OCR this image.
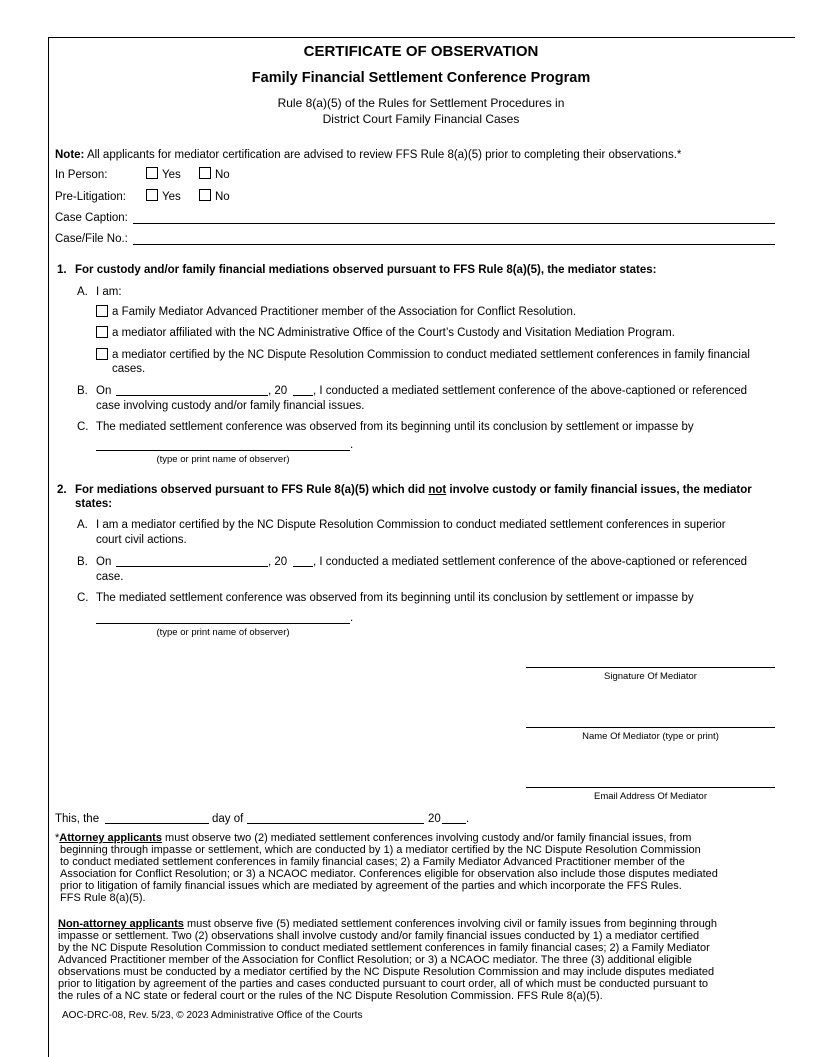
CERTIFICATE OF OBSERVATION
Family Financial Settlement Conference Program
Rule 8(a)(5) of the Rules for Settlement Procedures in
District Court Family Financial Cases
Note: All applicants for mediator certification are advised to review FFS Rule 8(a)(5) prior to completing their observations.*
In Person:	Yes	No
Pre-Litigation:	Yes	No
Case Caption:
Case/File No.:
1. For custody and/or family financial mediations observed pursuant to FFS Rule 8(a)(5), the mediator states:
A. I am:
a Family Mediator Advanced Practitioner member of the Association for Conflict Resolution.
a mediator affiliated with the NC Administrative Office of the Court’s Custody and Visitation Mediation Program.
a mediator certified by the NC Dispute Resolution Commission to conduct mediated settlement conferences in family financial
cases.
B. On	, 20 , I conducted a mediated settlement conference of the above-captioned or referenced
case involving custody and/or family financial issues.
C. The mediated settlement conference was observed from its beginning until its conclusion by settlement or impasse by
.
(type or print name of observer)
2. For mediations observed pursuant to FFS Rule 8(a)(5) which did not involve custody or family financial issues, the mediator
states:
A. I am a mediator certified by the NC Dispute Resolution Commission to conduct mediated settlement conferences in superior
court civil actions.
B. On	, 20 , I conducted a mediated settlement conference of the above-captioned or referenced
case.
C. The mediated settlement conference was observed from its beginning until its conclusion by settlement or impasse by
.
(type or print name of observer)
Signature Of Mediator
Name Of Mediator (type or print)
Email Address Of Mediator
This, the	day of	20 .
*Attorney applicants must observe two (2) mediated settlement conferences involving custody and/or family financial issues, from
beginning through impasse or settlement, which are conducted by 1) a mediator certified by the NC Dispute Resolution Commission
to conduct mediated settlement conferences in family financial cases; 2) a Family Mediator Advanced Practitioner member of the
Association for Conflict Resolution; or 3) a NCAOC mediator. Conferences eligible for observation also include those disputes mediated
prior to litigation of family financial issues which are mediated by agreement of the parties and which incorporate the FFS Rules.
FFS Rule 8(a)(5).
Non-attorney applicants must observe five (5) mediated settlement conferences involving civil or family issues from beginning through
impasse or settlement. Two (2) observations shall involve custody and/or family financial issues conducted by 1) a mediator certified
by the NC Dispute Resolution Commission to conduct mediated settlement conferences in family financial cases; 2) a Family Mediator
Advanced Practitioner member of the Association for Conflict Resolution; or 3) a NCAOC mediator. The three (3) additional eligible
observations must be conducted by a mediator certified by the NC Dispute Resolution Commission and may include disputes mediated
prior to litigation by agreement of the parties and cases conducted pursuant to court order, all of which must be conducted pursuant to
the rules of a NC state or federal court or the rules of the NC Dispute Resolution Commission. FFS Rule 8(a)(5).
AOC-DRC-08, Rev. 5/23, © 2023 Administrative Office of the Courts
